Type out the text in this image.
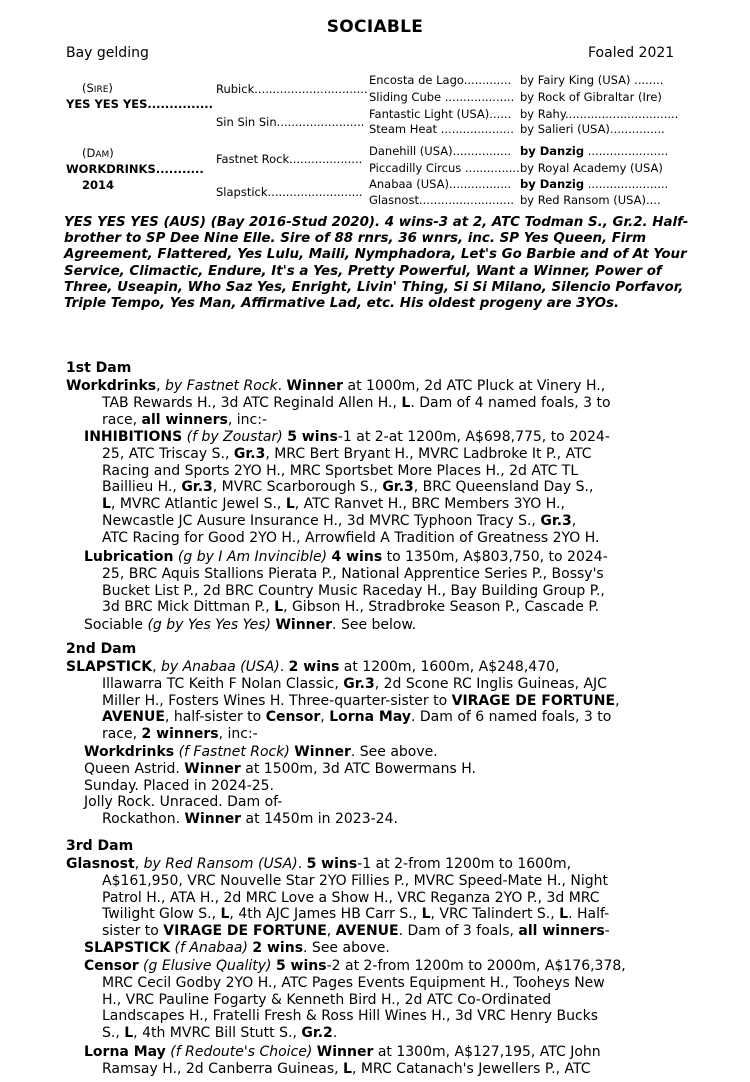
SOCIABLE
Bay gelding	Foaled 2021
(SIRE)
YES YES YES...............
(DAM)
WORKDRINKS...........
2014
Rubick...............................
Sin Sin Sin........................
Fastnet Rock....................
Slapstick..........................
Encosta de Lago.............
Sliding Cube ...................
Fantastic Light (USA)......
Steam Heat ....................
Danehill (USA)................
Piccadilly Circus ...............
Anabaa (USA).................
Glasnost..........................
by Fairy King (USA) ........
by Rock of Gibraltar (Ire)
by Rahy...............................
by Salieri (USA)...............
by Danzig ......................
by Royal Academy (USA)
by Danzig ......................
by Red Ransom (USA)....
YES YES YES (AUS) (Bay 2016-Stud 2020). 4 wins-3 at 2, ATC Todman S., Gr.2. Half-brother to SP Dee Nine Elle. Sire of 88 rnrs, 36 wnrs, inc. SP Yes Queen, Firm Agreement, Flattered, Yes Lulu, Maili, Nymphadora, Let's Go Barbie and of At Your Service, Climactic, Endure, It's a Yes, Pretty Powerful, Want a Winner, Power of Three, Useapin, Who Saz Yes, Enright, Livin' Thing, Si Si Milano, Silencio Porfavor, Triple Tempo, Yes Man, Affirmative Lad, etc. His oldest progeny are 3YOs.
1st Dam
Workdrinks, by Fastnet Rock. Winner at 1000m, 2d ATC Pluck at Vinery H.,
TAB Rewards H., 3d ATC Reginald Allen H., L. Dam of 4 named foals, 3 to
race, all winners, inc:-
INHIBITIONS (f by Zoustar) 5 wins-1 at 2-at 1200m, A$698,775, to 2024-
25, ATC Triscay S., Gr.3, MRC Bert Bryant H., MVRC Ladbroke It P., ATC
Racing and Sports 2YO H., MRC Sportsbet More Places H., 2d ATC TL
Baillieu H., Gr.3, MVRC Scarborough S., Gr.3, BRC Queensland Day S.,
L, MVRC Atlantic Jewel S., L, ATC Ranvet H., BRC Members 3YO H.,
Newcastle JC Ausure Insurance H., 3d MVRC Typhoon Tracy S., Gr.3,
ATC Racing for Good 2YO H., Arrowfield A Tradition of Greatness 2YO H.
Lubrication (g by I Am Invincible) 4 wins to 1350m, A$803,750, to 2024-
25, BRC Aquis Stallions Pierata P., National Apprentice Series P., Bossy's
Bucket List P., 2d BRC Country Music Raceday H., Bay Building Group P.,
3d BRC Mick Dittman P., L, Gibson H., Stradbroke Season P., Cascade P.
Sociable (g by Yes Yes Yes) Winner. See below.
2nd Dam
SLAPSTICK, by Anabaa (USA). 2 wins at 1200m, 1600m, A$248,470,
Illawarra TC Keith F Nolan Classic, Gr.3, 2d Scone RC Inglis Guineas, AJC
Miller H., Fosters Wines H. Three-quarter-sister to VIRAGE DE FORTUNE,
AVENUE, half-sister to Censor, Lorna May. Dam of 6 named foals, 3 to
race, 2 winners, inc:-
Workdrinks (f Fastnet Rock) Winner. See above.
Queen Astrid. Winner at 1500m, 3d ATC Bowermans H.
Sunday. Placed in 2024-25.
Jolly Rock. Unraced. Dam of-
Rockathon. Winner at 1450m in 2023-24.
3rd Dam
Glasnost, by Red Ransom (USA). 5 wins-1 at 2-from 1200m to 1600m,
A$161,950, VRC Nouvelle Star 2YO Fillies P., MVRC Speed-Mate H., Night
Patrol H., ATA H., 2d MRC Love a Show H., VRC Reganza 2YO P., 3d MRC
Twilight Glow S., L, 4th AJC James HB Carr S., L, VRC Talindert S., L. Half-
sister to VIRAGE DE FORTUNE, AVENUE. Dam of 3 foals, all winners-
SLAPSTICK (f Anabaa) 2 wins. See above.
Censor (g Elusive Quality) 5 wins-2 at 2-from 1200m to 2000m, A$176,378,
MRC Cecil Godby 2YO H., ATC Pages Events Equipment H., Tooheys New
H., VRC Pauline Fogarty & Kenneth Bird H., 2d ATC Co-Ordinated
Landscapes H., Fratelli Fresh & Ross Hill Wines H., 3d VRC Henry Bucks
S., L, 4th MVRC Bill Stutt S., Gr.2.
Lorna May (f Redoute's Choice) Winner at 1300m, A$127,195, ATC John
Ramsay H., 2d Canberra Guineas, L, MRC Catanach's Jewellers P., ATC
